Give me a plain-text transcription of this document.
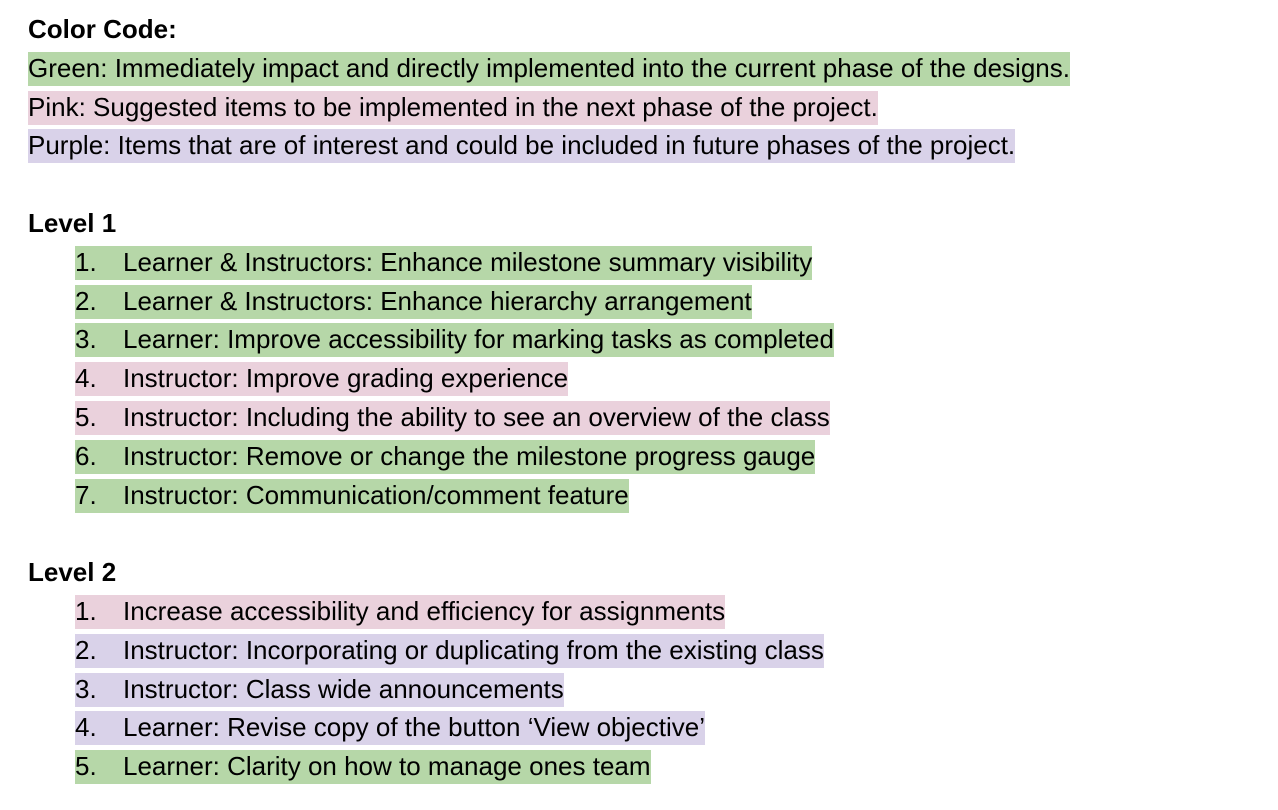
Color Code:
Green: Immediately impact and directly implemented into the current phase of the designs.
Pink: Suggested items to be implemented in the next phase of the project.
Purple: Items that are of interest and could be included in future phases of the project.
Level 1
1. Learner & Instructors: Enhance milestone summary visibility
2. Learner & Instructors: Enhance hierarchy arrangement
3. Learner: Improve accessibility for marking tasks as completed
4. Instructor: Improve grading experience
5. Instructor: Including the ability to see an overview of the class
6. Instructor: Remove or change the milestone progress gauge
7. Instructor: Communication/comment feature
Level 2
1. Increase accessibility and efficiency for assignments
2. Instructor: Incorporating or duplicating from the existing class
3. Instructor: Class wide announcements
4. Learner: Revise copy of the button ‘View objective’
5. Learner: Clarity on how to manage ones team
